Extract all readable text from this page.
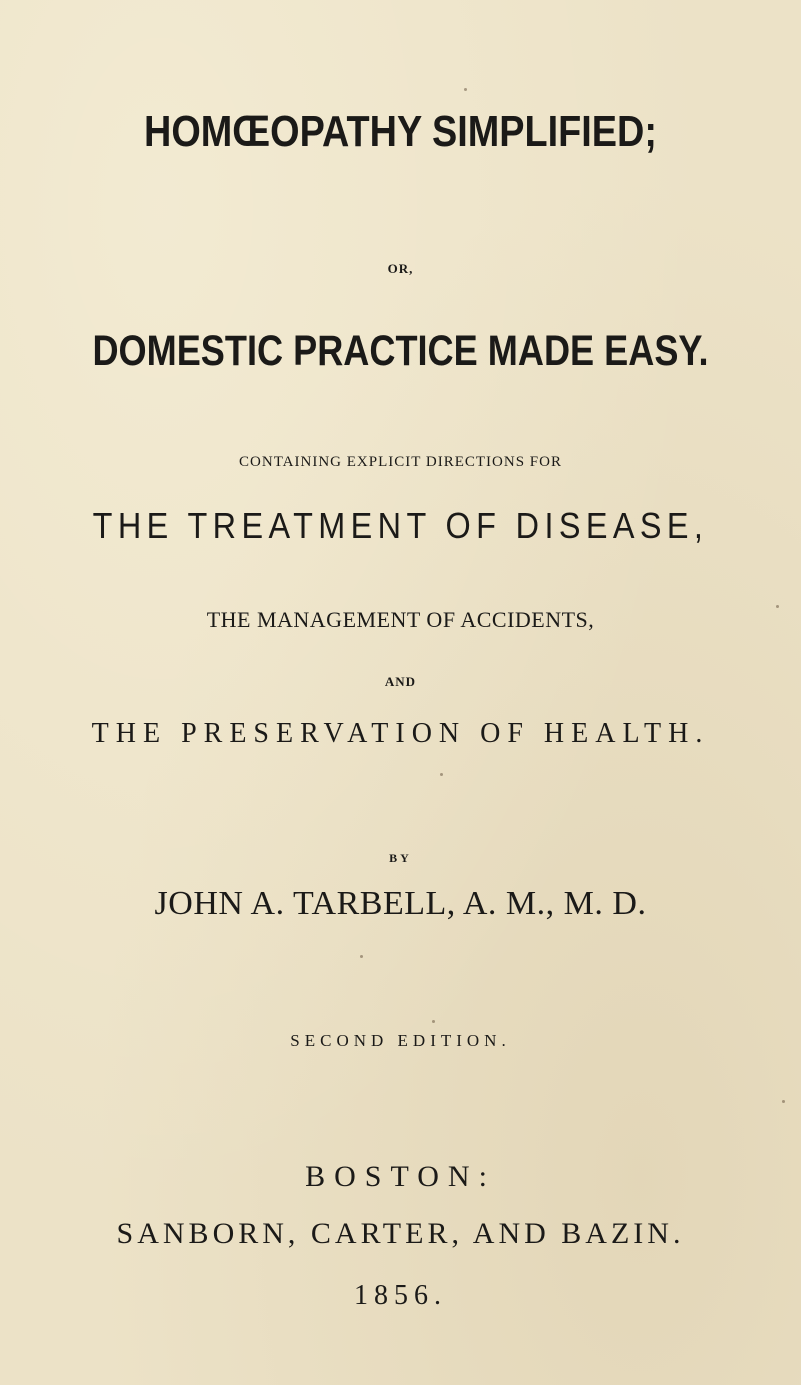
HOMŒOPATHY SIMPLIFIED;
OR,
DOMESTIC PRACTICE MADE EASY.
CONTAINING EXPLICIT DIRECTIONS FOR
THE TREATMENT OF DISEASE,
THE MANAGEMENT OF ACCIDENTS,
AND
THE PRESERVATION OF HEALTH.
BY
JOHN A. TARBELL, A. M., M. D.
SECOND EDITION.
BOSTON:
SANBORN, CARTER, AND BAZIN.
1856.
